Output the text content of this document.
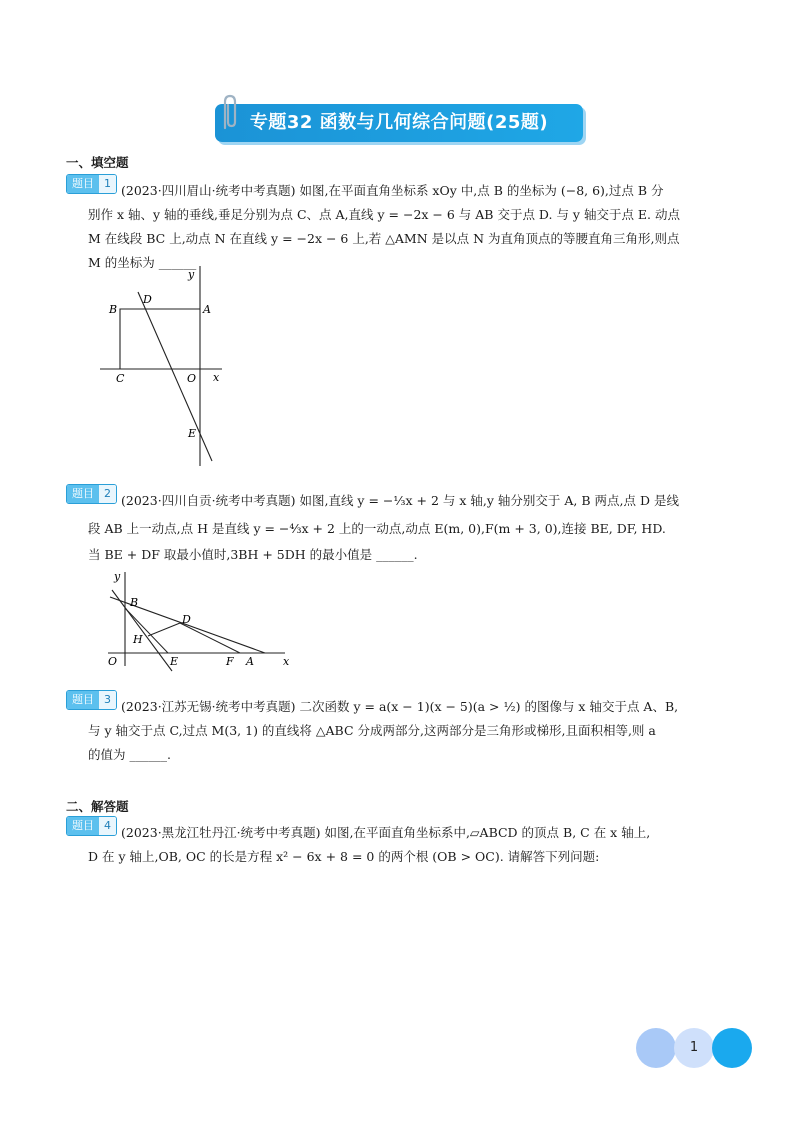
专题32 函数与几何综合问题(25题)
一、填空题

题目 1 (2023·四川眉山·统考中考真题) 如图,在平面直角坐标系 xOy 中,点 B 的坐标为 (−8, 6),过点 B 分

别作 x 轴、y 轴的垂线,垂足分别为点 C、点 A,直线 y = −2x − 6 与 AB 交于点 D. 与 y 轴交于点 E. 动点

M 在线段 BC 上,动点 N 在直线 y = −2x − 6 上,若 △AMN 是以点 N 为直角顶点的等腰直角三角形,则点

M 的坐标为 ______

B
D
A
C	O x
y
E

题目 2 (2023·四川自贡·统考中考真题) 如图,直线 y = −⅓x + 2 与 x 轴,y 轴分别交于 A, B 两点,点 D 是线

段 AB 上一动点,点 H 是直线 y = −⁴⁄₃x + 2 上的一动点,动点 E(m, 0),F(m + 3, 0),连接 BE, DF, HD.

当 BE + DF 取最小值时,3BH + 5DH 的最小值是 ______.

y
B
D
H
O	E	F A	x

题目 3 (2023·江苏无锡·统考中考真题) 二次函数 y = a(x − 1)(x − 5)(a > ½) 的图像与 x 轴交于点 A、B,

与 y 轴交于点 C,过点 M(3, 1) 的直线将 △ABC 分成两部分,这两部分是三角形或梯形,且面积相等,则 a

的值为 ______.

二、解答题

题目 4 (2023·黑龙江牡丹江·统考中考真题) 如图,在平面直角坐标系中,▱ABCD 的顶点 B, C 在 x 轴上,

D 在 y 轴上,OB, OC 的长是方程 x² − 6x + 8 = 0 的两个根 (OB > OC). 请解答下列问题:

1
